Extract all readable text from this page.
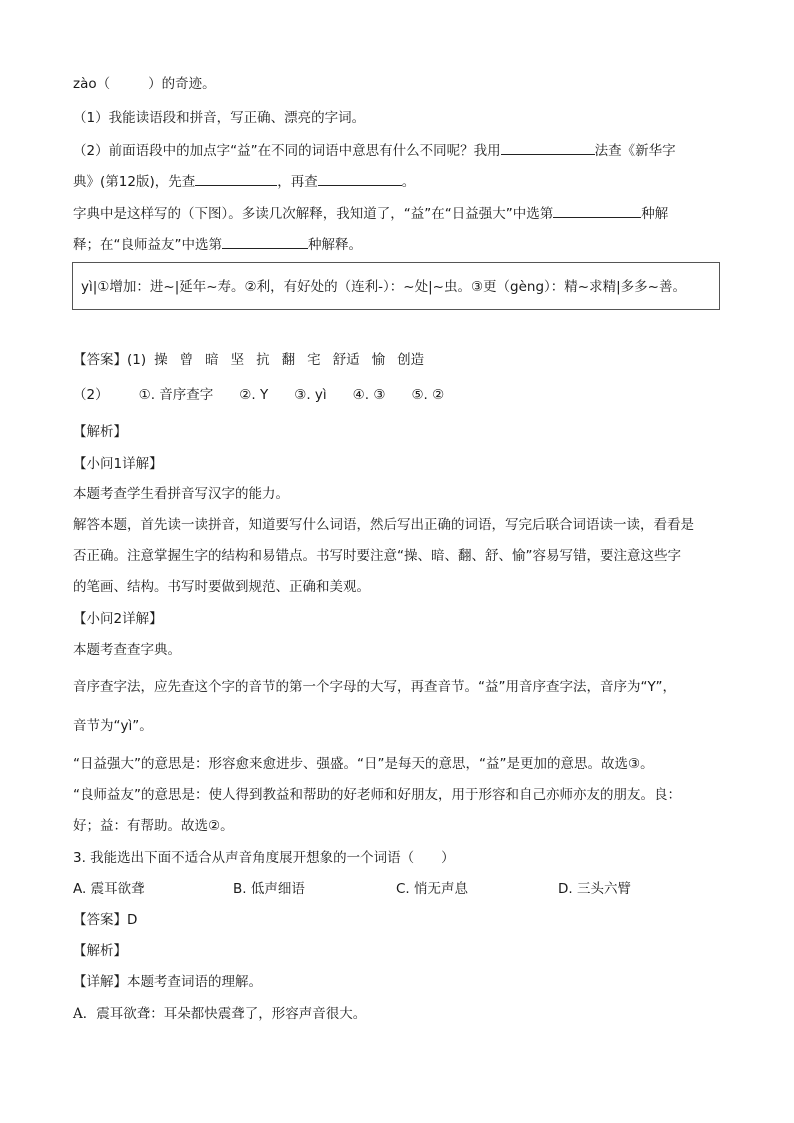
zào（	）的奇迹。
（1）我能读语段和拼音，写正确、漂亮的字词。
（2）前面语段中的加点字“益”在不同的词语中意思有什么不同呢？我用	法查《新华字
典》(第12版)，先查	，再查	。
字典中是这样写的（下图）。多读几次解释，我知道了，“益”在“日益强大”中选第	种解
释；在“良师益友”中选第	种解释。
yì|①增加：进~|延年~寿。②利，有好处的（连利-）：~处|~虫。③更（gèng）：精~求精|多多~善。
【答案】(1) 操 曾 暗 坚 抗 翻 宅 舒适 愉 创造
（2） ①. 音序查字 ②. Y ③. yì ④. ③ ⑤. ②
【解析】
【小问1详解】
本题考查学生看拼音写汉字的能力。
解答本题，首先读一读拼音，知道要写什么词语，然后写出正确的词语，写完后联合词语读一读，看看是
否正确。注意掌握生字的结构和易错点。书写时要注意“操、暗、翻、舒、愉”容易写错，要注意这些字
的笔画、结构。书写时要做到规范、正确和美观。
【小问2详解】
本题考查查字典。
音序查字法，应先查这个字的音节的第一个字母的大写，再查音节。“益”用音序查字法，音序为“Y”，
音节为“yì”。
“日益强大”的意思是：形容愈来愈进步、强盛。“日”是每天的意思，“益”是更加的意思。故选③。
“良师益友”的意思是：使人得到教益和帮助的好老师和好朋友，用于形容和自己亦师亦友的朋友。良：
好；益：有帮助。故选②。
3. 我能选出下面不适合从声音角度展开想象的一个词语（　　）
A. 震耳欲聋	B. 低声细语	C. 悄无声息	D. 三头六臂
【答案】D
【解析】
【详解】本题考查词语的理解。
A．震耳欲聋：耳朵都快震聋了，形容声音很大。
